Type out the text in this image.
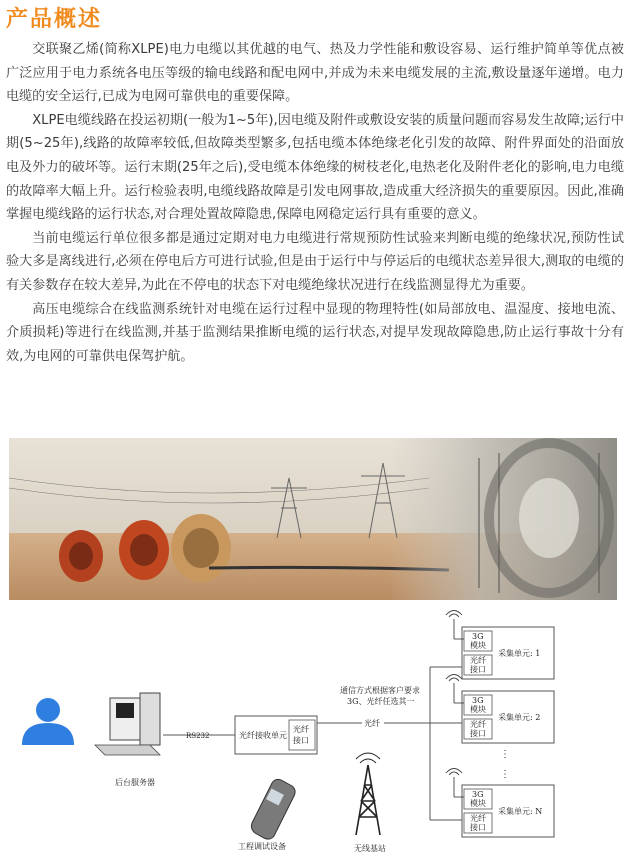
产品概述

交联聚乙烯(简称XLPE)电力电缆以其优越的电气、热及力学性能和敷设容易、运行维护简单等优点被广泛应用于电力系统各电压等级的输电线路和配电网中,并成为未来电缆发展的主流,敷设量逐年递增。电力电缆的安全运行,已成为电网可靠供电的重要保障。

XLPE电缆线路在投运初期(一般为1~5年),因电缆及附件或敷设安装的质量问题而容易发生故障;运行中期(5~25年),线路的故障率较低,但故障类型繁多,包括电缆本体绝缘老化引发的故障、附件界面处的沿面放电及外力的破坏等。运行末期(25年之后),受电缆本体绝缘的树枝老化,电热老化及附件老化的影响,电力电缆的故障率大幅上升。运行检验表明,电缆线路故障是引发电网事故,造成重大经济损失的重要原因。因此,准确掌握电缆线路的运行状态,对合理处置故障隐患,保障电网稳定运行具有重要的意义。

当前电缆运行单位很多都是通过定期对电力电缆进行常规预防性试验来判断电缆的绝缘状况,预防性试验大多是离线进行,必须在停电后方可进行试验,但是由于运行中与停运后的电缆状态差异很大,测取的电缆的有关参数存在较大差异,为此在不停电的状态下对电缆绝缘状况进行在线监测显得尤为重要。

高压电缆综合在线监测系统针对电缆在运行过程中显现的物理特性(如局部放电、温湿度、接地电流、介质损耗)等进行在线监测,并基于监测结果推断电缆的运行状态,对提早发现故障隐患,防止运行事故十分有效,为电网的可靠供电保驾护航。

后台服务器
RS232	光纤接收单元
光纤
接口
通信方式根据客户要求
3G、光纤任选其一
光纤
3G
模块
光纤
接口
采集单元: 1
3G
模块
光纤
接口
采集单元: 2
⋮
⋮
3G
模块
光纤
接口
采集单元: N
工程调试设备	无线基站
